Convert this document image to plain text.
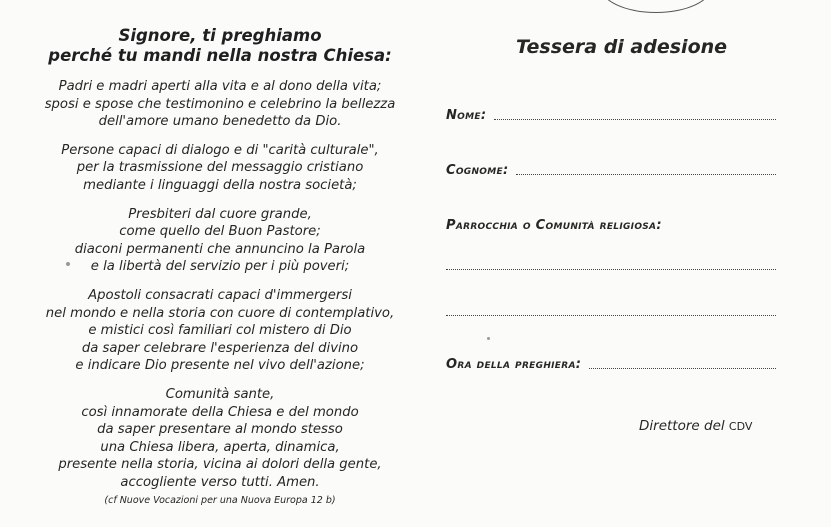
Signore, ti preghiamo
perché tu mandi nella nostra Chiesa:
Padri e madri aperti alla vita e al dono della vita;
sposi e spose che testimonino e celebrino la bellezza
dell'amore umano benedetto da Dio.
Persone capaci di dialogo e di "carità culturale",
per la trasmissione del messaggio cristiano
mediante i linguaggi della nostra società;
Presbiteri dal cuore grande,
come quello del Buon Pastore;
diaconi permanenti che annuncino la Parola
e la libertà del servizio per i più poveri;
Apostoli consacrati capaci d'immergersi
nel mondo e nella storia con cuore di contemplativo,
e mistici così familiari col mistero di Dio
da saper celebrare l'esperienza del divino
e indicare Dio presente nel vivo dell'azione;
Comunità sante,
così innamorate della Chiesa e del mondo
da saper presentare al mondo stesso
una Chiesa libera, aperta, dinamica,
presente nella storia, vicina ai dolori della gente,
accogliente verso tutti. Amen.
(cf Nuove Vocazioni per una Nuova Europa 12 b)
Tessera di adesione
Nome:
Cognome:
Parrocchia o Comunità religiosa:
Ora della preghiera:
Direttore del CDV
